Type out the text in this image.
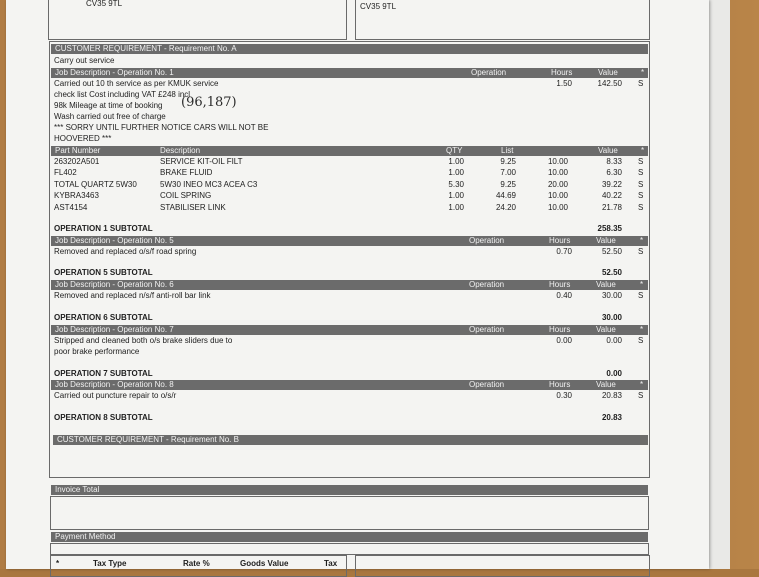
CV35 9TL	CV35 9TL
CUSTOMER REQUIREMENT - Requirement No. A
Carry out service
Job Description - Operation No. 1	Operation	Hours	Value	*
Carried out 10 th service as per KMUK service
check list Cost including VAT £248 incl
98k Mileage at time of booking (96,187)
Wash carried out free of charge
*** SORRY UNTIL FURTHER NOTICE CARS WILL NOT BE
HOOVERED ***
1.50	142.50 S
Part Number	Description	QTY	List	Value	*
263202A501	SERVICE KIT-OIL FILT	1.00	9.25	10.00	8.33 S
FL402	BRAKE FLUID	1.00	7.00	10.00	6.30 S
TOTAL QUARTZ 5W30	5W30 INEO MC3 ACEA C3	5.30	9.25	20.00	39.22 S
KYBRA3463	COIL SPRING	1.00	44.69	10.00	40.22 S
AST4154	STABILISER LINK	1.00	24.20	10.00	21.78 S
OPERATION 1 SUBTOTAL	258.35
Job Description - Operation No. 5	Operation	Hours	Value	*
Removed and replaced o/s/f road spring	0.70	52.50 S
OPERATION 5 SUBTOTAL	52.50
Job Description - Operation No. 6	Operation	Hours	Value	*
Removed and replaced n/s/f anti-roll bar link	0.40	30.00 S
OPERATION 6 SUBTOTAL	30.00
Job Description - Operation No. 7	Operation	Hours	Value	*
Stripped and cleaned both o/s brake sliders due to
poor brake performance
0.00	0.00 S
OPERATION 7 SUBTOTAL	0.00
Job Description - Operation No. 8	Operation	Hours	Value	*
Carried out puncture repair to o/s/r	0.30	20.83 S
OPERATION 8 SUBTOTAL	20.83
CUSTOMER REQUIREMENT - Requirement No. B
Invoice Total
Payment Method
*	Tax Type	Rate %	Goods Value	Tax
